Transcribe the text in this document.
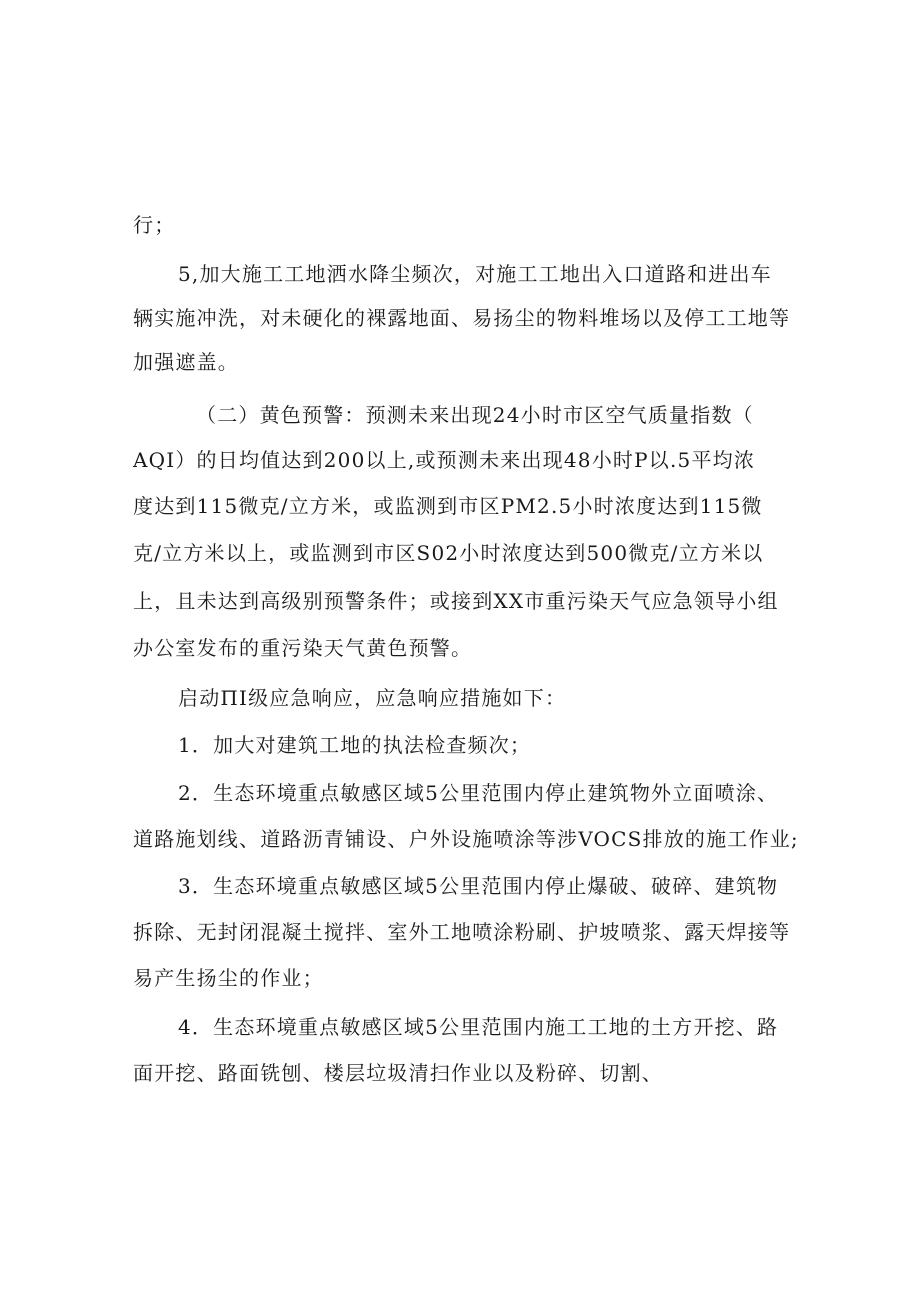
行；
5,加大施工工地洒水降尘频次，对施工工地出入口道路和进出车
辆实施冲洗，对未硬化的裸露地面、易扬尘的物料堆场以及停工工地等
加强遮盖。
（二）黄色预警：预测未来出现24小时市区空气质量指数（
AQI）的日均值达到200以上,或预测未来出现48小时P以.5平均浓
度达到115微克/立方米，或监测到市区PM2.5小时浓度达到115微
克/立方米以上，或监测到市区S02小时浓度达到500微克/立方米以
上，且未达到高级别预警条件；或接到XX市重污染天气应急领导小组
办公室发布的重污染天气黄色预警。
启动ΠI级应急响应，应急响应措施如下：
1．加大对建筑工地的执法检查频次；
2．生态环境重点敏感区域5公里范围内停止建筑物外立面喷涂、
道路施划线、道路沥青铺设、户外设施喷涂等涉VOCS排放的施工作业;
3．生态环境重点敏感区域5公里范围内停止爆破、破碎、建筑物
拆除、无封闭混凝土搅拌、室外工地喷涂粉刷、护坡喷浆、露天焊接等
易产生扬尘的作业；
4．生态环境重点敏感区域5公里范围内施工工地的土方开挖、路
面开挖、路面铣刨、楼层垃圾清扫作业以及粉碎、切割、
